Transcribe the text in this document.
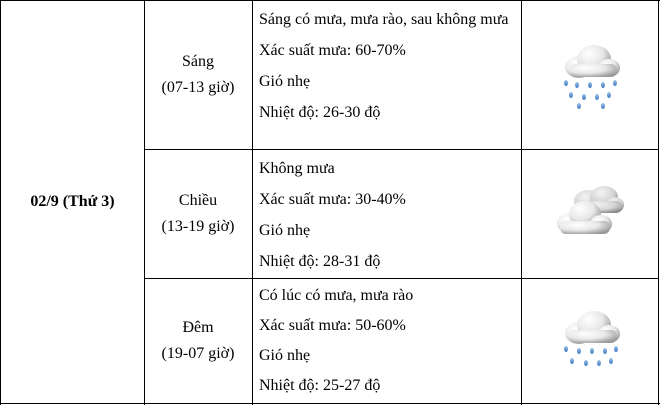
02/9 (Thứ 3)
Sáng
(07-13 giờ)

Sáng có mưa, mưa rào, sau không mưa

Xác suất mưa: 60-70%

Gió nhẹ

Nhiệt độ: 26-30 độ

Chiều
(13-19 giờ)

Không mưa

Xác suất mưa: 30-40%

Gió nhẹ

Nhiệt độ: 28-31 độ

Đêm
(19-07 giờ)

Có lúc có mưa, mưa rào

Xác suất mưa: 50-60%

Gió nhẹ

Nhiệt độ: 25-27 độ
